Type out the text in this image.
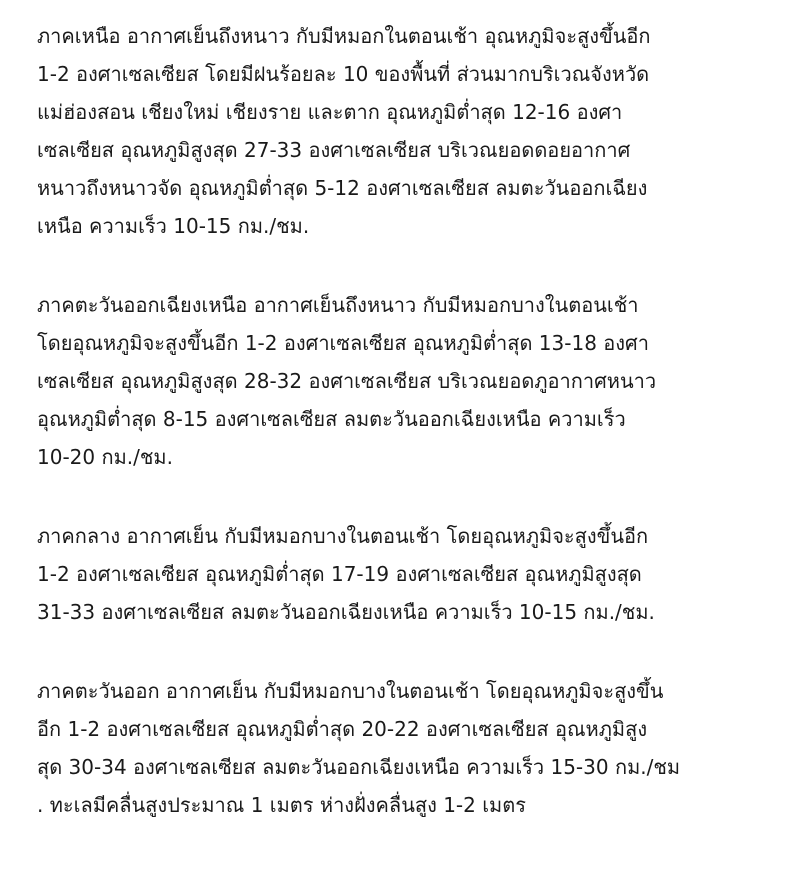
ภาคเหนือ อากาศเย็นถึงหนาว กับมีหมอกในตอนเช้า อุณหภูมิจะสูงขึ้นอีก
1-2 องศาเซลเซียส โดยมีฝนร้อยละ 10 ของพื้นที่ ส่วนมากบริเวณจังหวัด
แม่ฮ่องสอน เชียงใหม่ เชียงราย และตาก อุณหภูมิต่ำสุด 12-16 องศา
เซลเซียส อุณหภูมิสูงสุด 27-33 องศาเซลเซียส บริเวณยอดดอยอากาศ
หนาวถึงหนาวจัด อุณหภูมิต่ำสุด 5-12 องศาเซลเซียส ลมตะวันออกเฉียง
เหนือ ความเร็ว 10-15 กม./ชม.

ภาคตะวันออกเฉียงเหนือ อากาศเย็นถึงหนาว กับมีหมอกบางในตอนเช้า
โดยอุณหภูมิจะสูงขึ้นอีก 1-2 องศาเซลเซียส อุณหภูมิต่ำสุด 13-18 องศา
เซลเซียส อุณหภูมิสูงสุด 28-32 องศาเซลเซียส บริเวณยอดภูอากาศหนาว
อุณหภูมิต่ำสุด 8-15 องศาเซลเซียส ลมตะวันออกเฉียงเหนือ ความเร็ว
10-20 กม./ชม.

ภาคกลาง อากาศเย็น กับมีหมอกบางในตอนเช้า โดยอุณหภูมิจะสูงขึ้นอีก
1-2 องศาเซลเซียส อุณหภูมิต่ำสุด 17-19 องศาเซลเซียส อุณหภูมิสูงสุด
31-33 องศาเซลเซียส ลมตะวันออกเฉียงเหนือ ความเร็ว 10-15 กม./ชม.

ภาคตะวันออก อากาศเย็น กับมีหมอกบางในตอนเช้า โดยอุณหภูมิจะสูงขึ้น
อีก 1-2 องศาเซลเซียส อุณหภูมิต่ำสุด 20-22 องศาเซลเซียส อุณหภูมิสูง
สุด 30-34 องศาเซลเซียส ลมตะวันออกเฉียงเหนือ ความเร็ว 15-30 กม./ชม
. ทะเลมีคลื่นสูงประมาณ 1 เมตร ห่างฝั่งคลื่นสูง 1-2 เมตร
